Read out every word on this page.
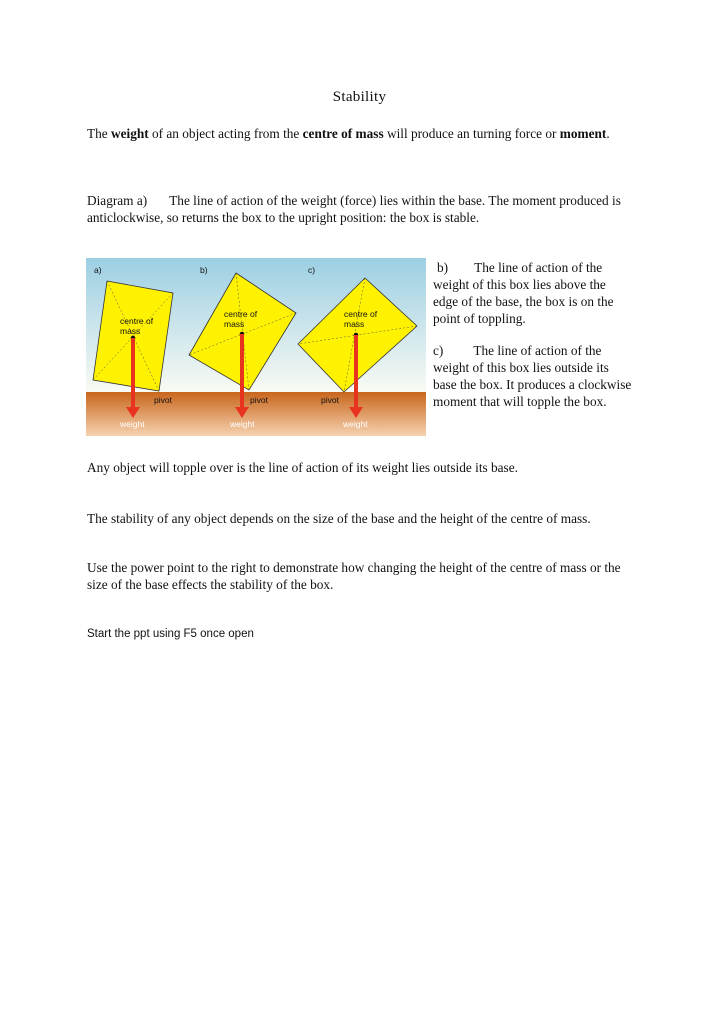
Stability
The weight of an object acting from the centre of mass will produce an turning force or moment.
Diagram a) The line of action of the weight (force) lies within the base. The moment produced is anticlockwise, so returns the box to the upright position: the box is stable.
a)	b)	c)
centre of
mass
pivot
weight
centre of
mass
pivot
weight
centre of
mass
pivot
weight
b) The line of action of the weight of this box lies above the edge of the base, the box is on the point of toppling.
c) The line of action of the weight of this box lies outside its base the box. It produces a clockwise moment that will topple the box.
Any object will topple over is the line of action of its weight lies outside its base.
The stability of any object depends on the size of the base and the height of the centre of mass.
Use the power point to the right to demonstrate how changing the height of the centre of mass or the size of the base effects the stability of the box.
Start the ppt using F5 once open
